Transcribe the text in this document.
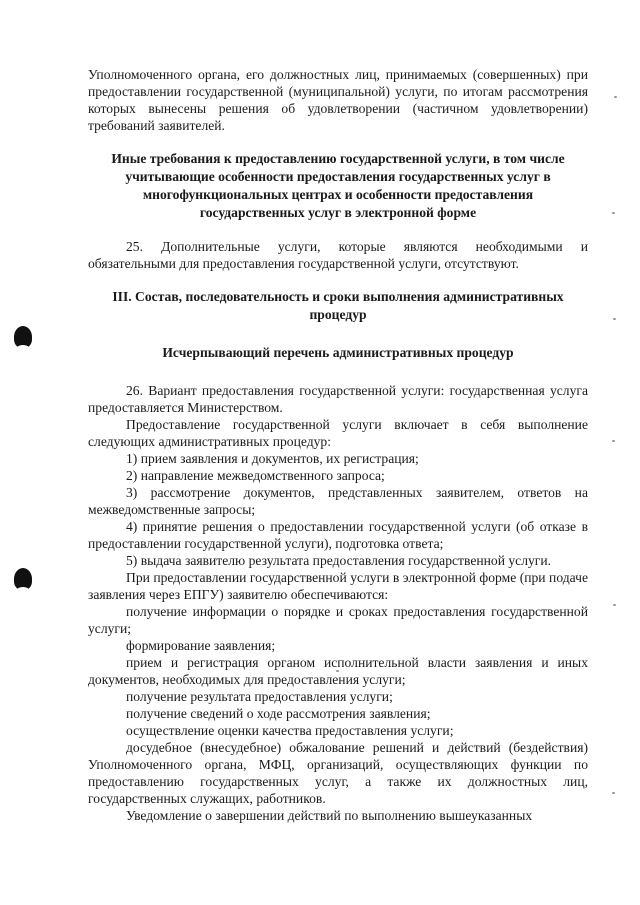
Уполномоченного органа, его должностных лиц, принимаемых (совершенных) при предоставлении государственной (муниципальной) услуги, по итогам рассмотрения которых вынесены решения об удовлетворении (частичном удовлетворении) требований заявителей.

Иные требования к предоставлению государственной услуги, в том числе учитывающие особенности предоставления государственных услуг в многофункциональных центрах и особенности предоставления государственных услуг в электронной форме

25. Дополнительные услуги, которые являются необходимыми и обязательными для предоставления государственной услуги, отсутствуют.

III. Состав, последовательность и сроки выполнения административных процедур

Исчерпывающий перечень административных процедур

26. Вариант предоставления государственной услуги: государственная услуга предоставляется Министерством.

Предоставление государственной услуги включает в себя выполнение следующих административных процедур:

1) прием заявления и документов, их регистрация;

2) направление межведомственного запроса;

3) рассмотрение документов, представленных заявителем, ответов на межведомственные запросы;

4) принятие решения о предоставлении государственной услуги (об отказе в предоставлении государственной услуги), подготовка ответа;

5) выдача заявителю результата предоставления государственной услуги.

При предоставлении государственной услуги в электронной форме (при подаче заявления через ЕПГУ) заявителю обеспечиваются:

получение информации о порядке и сроках предоставления государственной услуги;

формирование заявления;

прием и регистрация органом исполнительной власти заявления и иных документов, необходимых для предоставления услуги;

получение результата предоставления услуги;

получение сведений о ходе рассмотрения заявления;

осуществление оценки качества предоставления услуги;

досудебное (внесудебное) обжалование решений и действий (бездействия) Уполномоченного органа, МФЦ, организаций, осуществляющих функции по предоставлению государственных услуг, а также их должностных лиц, государственных служащих, работников.

Уведомление о завершении действий по выполнению вышеуказанных
